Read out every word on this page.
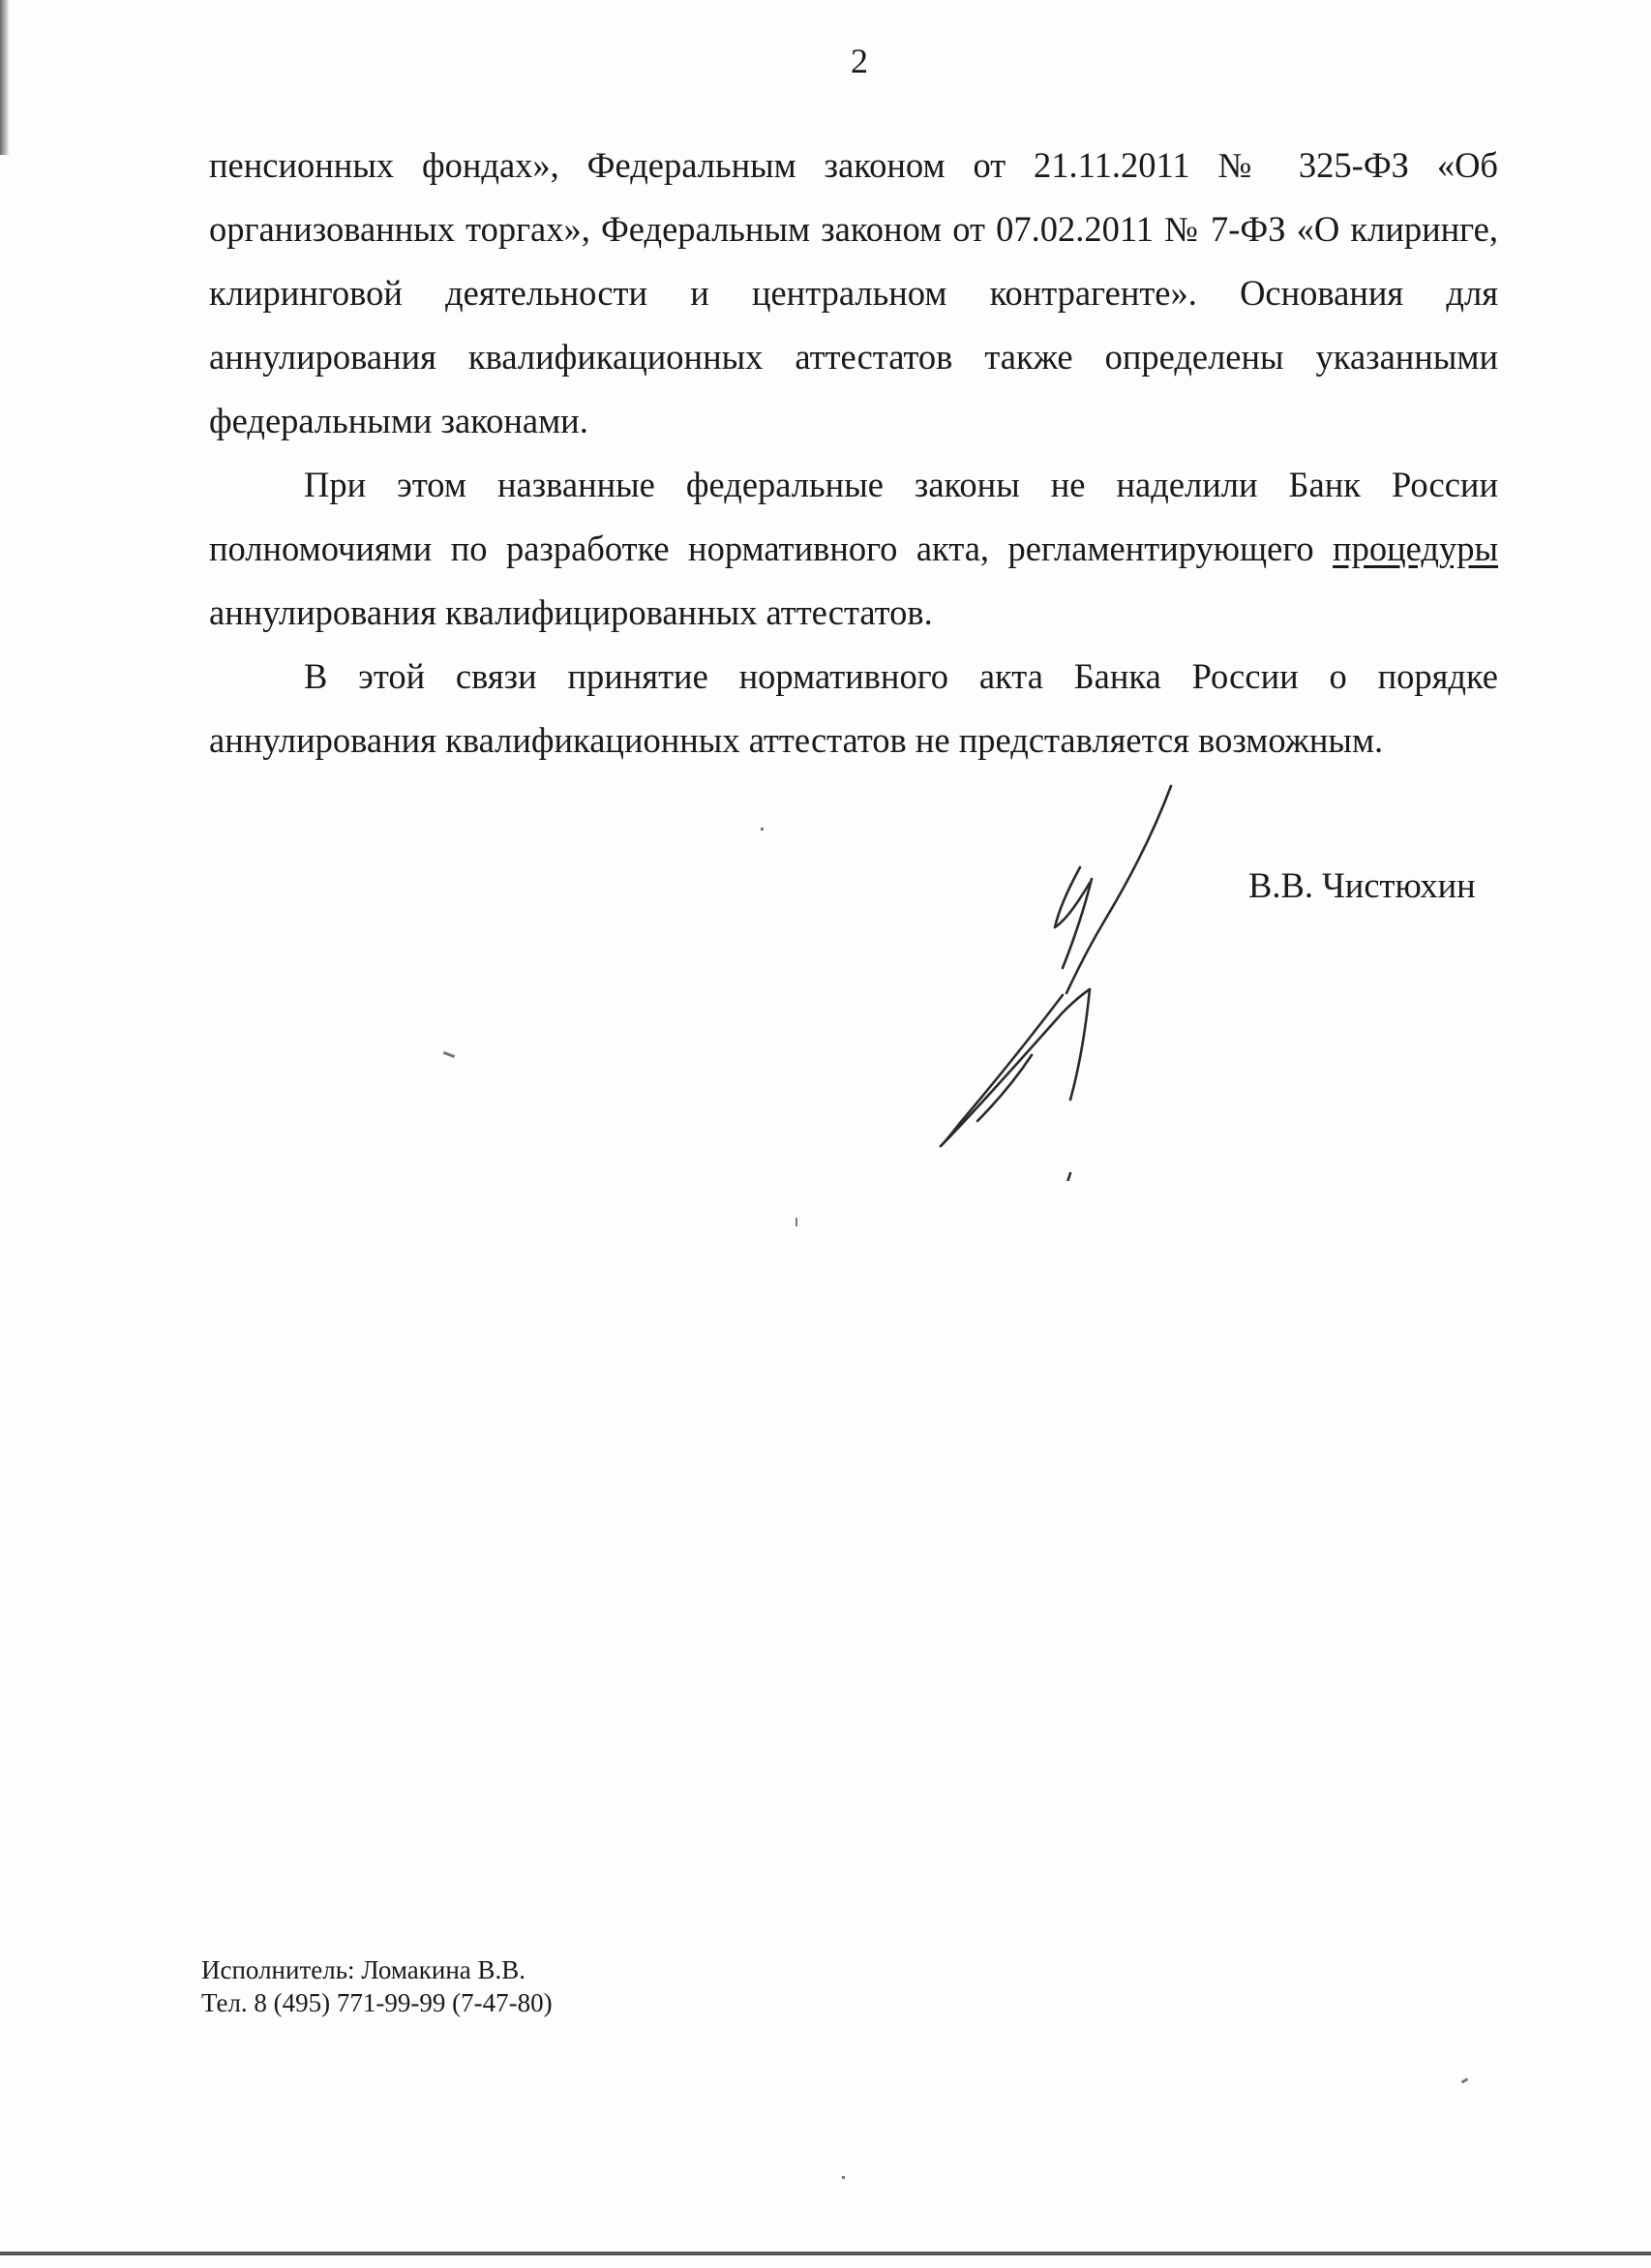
2

пенсионных фондах», Федеральным законом от 21.11.2011 № 325-ФЗ «Об организованных торгах», Федеральным законом от 07.02.2011 № 7-ФЗ «О клиринге, клиринговой деятельности и центральном контрагенте». Основания для аннулирования квалификационных аттестатов также определены указанными федеральными законами.

При этом названные федеральные законы не наделили Банк России полномочиями по разработке нормативного акта, регламентирующего процедуры аннулирования квалифицированных аттестатов.

В этой связи принятие нормативного акта Банка России о порядке аннулирования квалификационных аттестатов не представляется возможным.

В.В. Чистюхин
Исполнитель: Ломакина В.В.
Тел. 8 (495) 771-99-99 (7-47-80)
